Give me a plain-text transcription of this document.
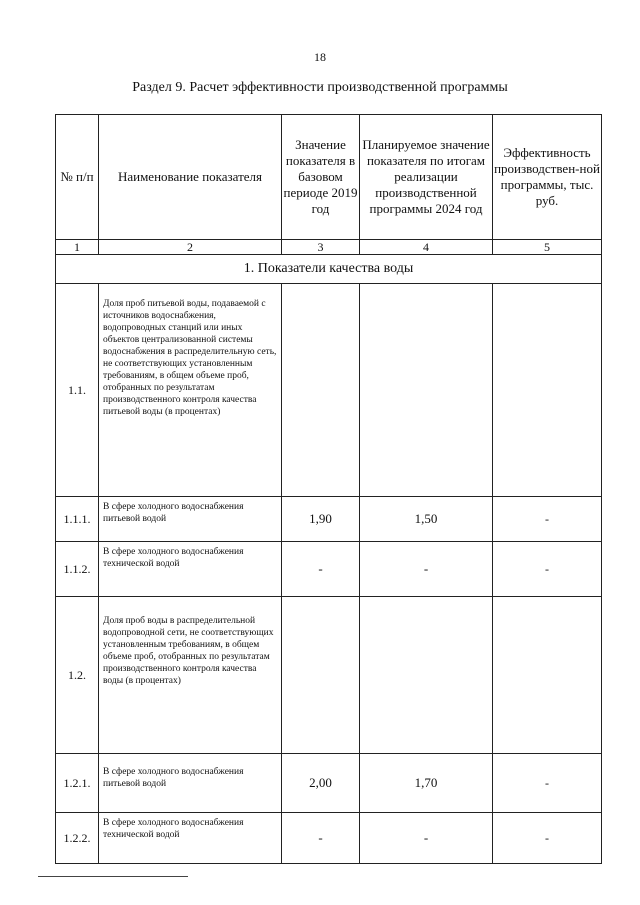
18
Раздел 9. Расчет эффективности производственной программы
№ п/п	Наименование показателя	Значение показателя в базовом периоде 2019 год	Планируемое значение показателя по итогам реализации производственной программы 2024 год	Эффективность производствен-ной программы, тыс. руб.
1	2	3	4	5
1. Показатели качества воды				
1.1.	Доля проб питьевой воды, подаваемой с источников водоснабжения, водопроводных станций или иных объектов централизованной системы водоснабжения в распределительную сеть, не соответствующих установленным требованиям, в общем объеме проб, отобранных по результатам производственного контроля качества питьевой воды (в процентах)			
1.1.1.	В сфере холодного водоснабжения питьевой водой	1,90	1,50	-
1.1.2.	В сфере холодного водоснабжения технической водой	-	-	-
1.2.	Доля проб воды в распределительной водопроводной сети, не соответствующих установленным требованиям, в общем объеме проб, отобранных по результатам производственного контроля качества воды (в процентах)			
1.2.1.	В сфере холодного водоснабжения питьевой водой	2,00	1,70	-
1.2.2.	В сфере холодного водоснабжения технической водой	-	-	-
